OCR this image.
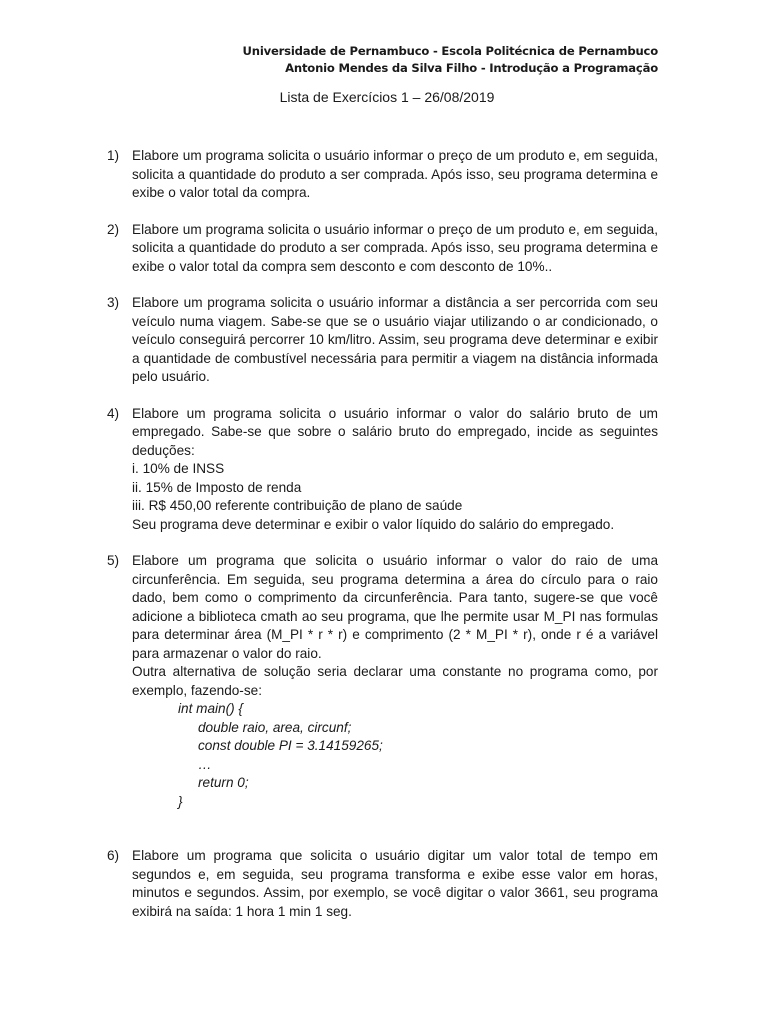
Universidade de Pernambuco - Escola Politécnica de Pernambuco
Antonio Mendes da Silva Filho - Introdução a Programação
Lista de Exercícios 1 – 26/08/2019
1) Elabore um programa solicita o usuário informar o preço de um produto e, em seguida, solicita a quantidade do produto a ser comprada. Após isso, seu programa determina e exibe o valor total da compra.

2) Elabore um programa solicita o usuário informar o preço de um produto e, em seguida, solicita a quantidade do produto a ser comprada. Após isso, seu programa determina e exibe o valor total da compra sem desconto e com desconto de 10%..

3) Elabore um programa solicita o usuário informar a distância a ser percorrida com seu veículo numa viagem. Sabe-se que se o usuário viajar utilizando o ar condicionado, o veículo conseguirá percorrer 10 km/litro. Assim, seu programa deve determinar e exibir a quantidade de combustível necessária para permitir a viagem na distância informada pelo usuário.

4) Elabore um programa solicita o usuário informar o valor do salário bruto de um empregado. Sabe-se que sobre o salário bruto do empregado, incide as seguintes deduções:

i. 10% de INSS

ii. 15% de Imposto de renda

iii. R$ 450,00 referente contribuição de plano de saúde

Seu programa deve determinar e exibir o valor líquido do salário do empregado.

5) Elabore um programa que solicita o usuário informar o valor do raio de uma circunferência. Em seguida, seu programa determina a área do círculo para o raio dado, bem como o comprimento da circunferência. Para tanto, sugere-se que você adicione a biblioteca cmath ao seu programa, que lhe permite usar M_PI nas formulas para determinar área (M_PI * r * r) e comprimento (2 * M_PI * r), onde r é a variável para armazenar o valor do raio.

Outra alternativa de solução seria declarar uma constante no programa como, por exemplo, fazendo-se:

int main() {
double raio, area, circunf;
const double PI = 3.14159265;
…
return 0;
}
6) Elabore um programa que solicita o usuário digitar um valor total de tempo em segundos e, em seguida, seu programa transforma e exibe esse valor em horas, minutos e segundos. Assim, por exemplo, se você digitar o valor 3661, seu programa exibirá na saída: 1 hora 1 min 1 seg.
